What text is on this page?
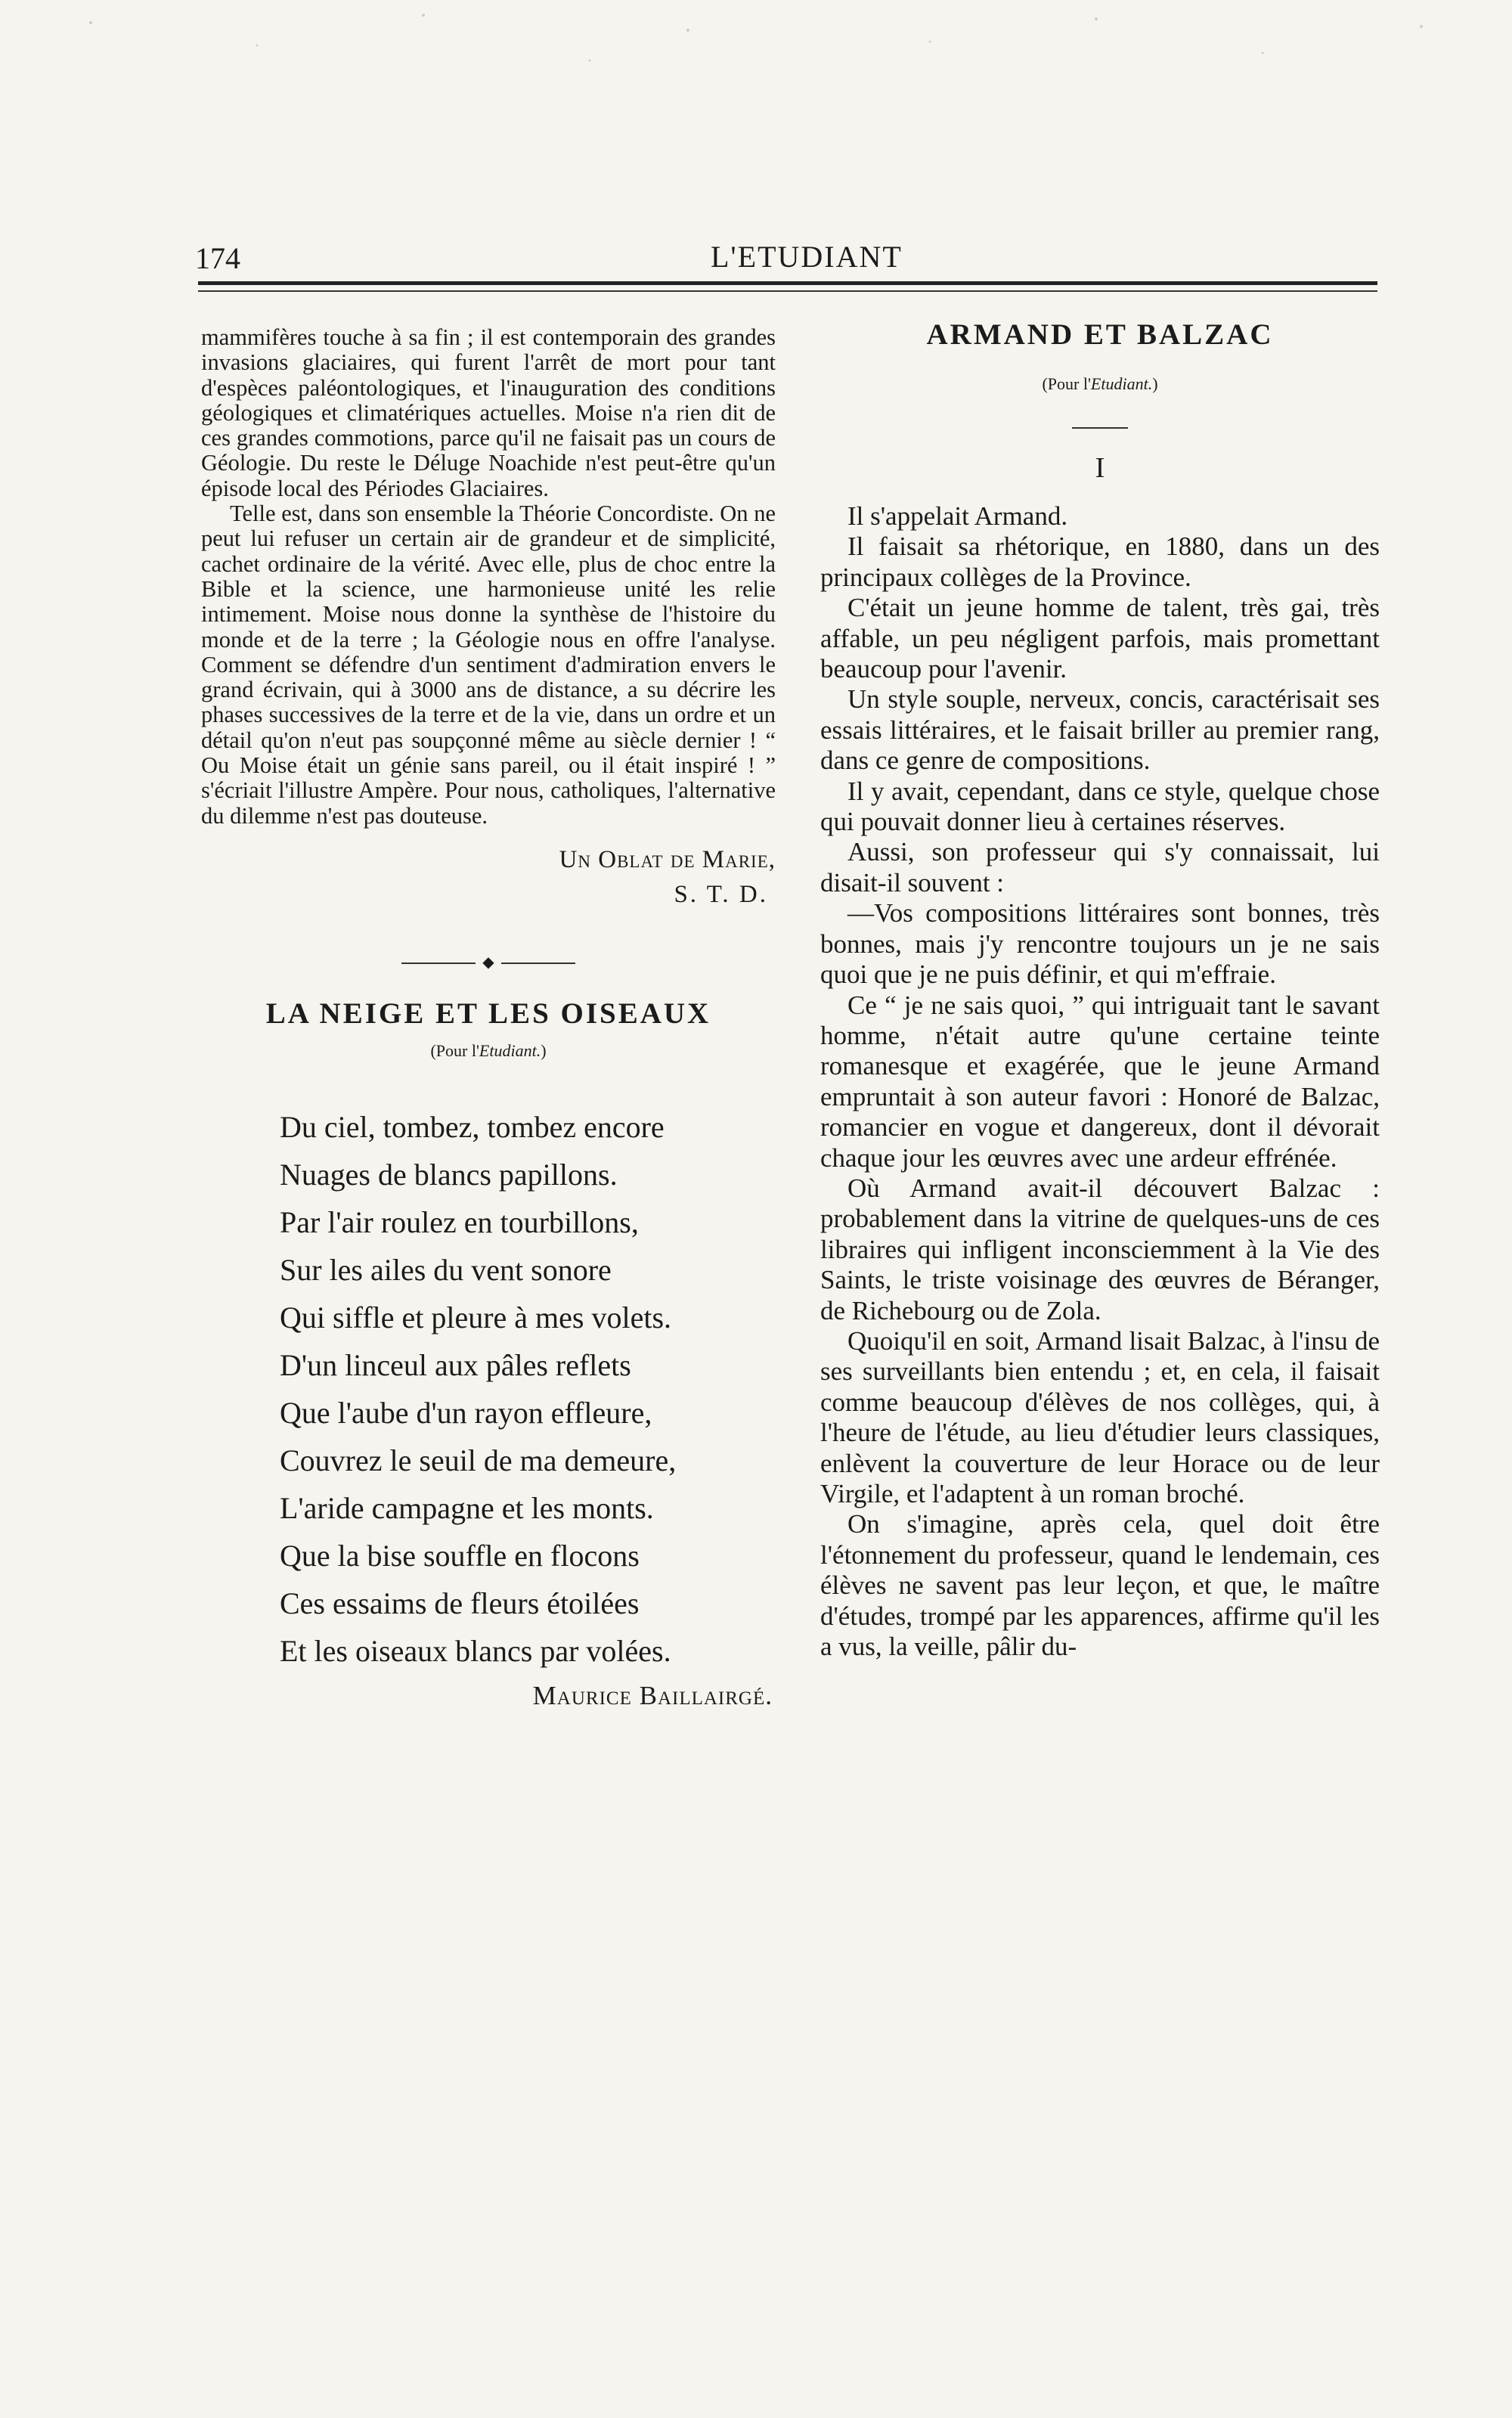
174	L'ETUDIANT

mammifères touche à sa fin ; il est contemporain des grandes invasions glaciaires, qui furent l'arrêt de mort pour tant d'espèces paléontologiques, et l'inauguration des conditions géologiques et climatériques actuelles. Moise n'a rien dit de ces grandes commotions, parce qu'il ne faisait pas un cours de Géologie. Du reste le Déluge Noachide n'est peut-être qu'un épisode local des Périodes Glaciaires.

Telle est, dans son ensemble la Théorie Concordiste. On ne peut lui refuser un certain air de grandeur et de simplicité, cachet ordinaire de la vérité. Avec elle, plus de choc entre la Bible et la science, une harmonieuse unité les relie intimement. Moise nous donne la synthèse de l'histoire du monde et de la terre ; la Géologie nous en offre l'analyse. Comment se défendre d'un sentiment d'admiration envers le grand écrivain, qui à 3000 ans de distance, a su décrire les phases successives de la terre et de la vie, dans un ordre et un détail qu'on n'eut pas soupçonné même au siècle dernier ! “ Ou Moise était un génie sans pareil, ou il était inspiré ! ” s'écriait l'illustre Ampère. Pour nous, catholiques, l'alternative du dilemme n'est pas douteuse.

Un Oblat de Marie,
S. T. D.
◆
LA NEIGE ET LES OISEAUX
(Pour l'Etudiant.)

Du ciel, tombez, tombez encore

Nuages de blancs papillons.

Par l'air roulez en tourbillons,

Sur les ailes du vent sonore

Qui siffle et pleure à mes volets.

D'un linceul aux pâles reflets

Que l'aube d'un rayon effleure,

Couvrez le seuil de ma demeure,

L'aride campagne et les monts.

Que la bise souffle en flocons

Ces essaims de fleurs étoilées

Et les oiseaux blancs par volées.

Maurice Baillairgé.
ARMAND ET BALZAC
(Pour l'Etudiant.)
I

Il s'appelait Armand.

Il faisait sa rhétorique, en 1880, dans un des principaux collèges de la Province.

C'était un jeune homme de talent, très gai, très affable, un peu négligent parfois, mais promettant beaucoup pour l'avenir.

Un style souple, nerveux, concis, caractérisait ses essais littéraires, et le faisait briller au premier rang, dans ce genre de compositions.

Il y avait, cependant, dans ce style, quelque chose qui pouvait donner lieu à certaines réserves.

Aussi, son professeur qui s'y connaissait, lui disait-il souvent :

—Vos compositions littéraires sont bonnes, très bonnes, mais j'y rencontre toujours un je ne sais quoi que je ne puis définir, et qui m'effraie.

Ce “ je ne sais quoi, ” qui intriguait tant le savant homme, n'était autre qu'une certaine teinte romanesque et exagérée, que le jeune Armand empruntait à son auteur favori : Honoré de Balzac, romancier en vogue et dangereux, dont il dévorait chaque jour les œuvres avec une ardeur effrénée.

Où Armand avait-il découvert Balzac : probablement dans la vitrine de quelques-uns de ces libraires qui infligent inconsciemment à la Vie des Saints, le triste voisinage des œuvres de Béranger, de Richebourg ou de Zola.

Quoiqu'il en soit, Armand lisait Balzac, à l'insu de ses surveillants bien entendu ; et, en cela, il faisait comme beaucoup d'élèves de nos collèges, qui, à l'heure de l'étude, au lieu d'étudier leurs classiques, enlèvent la couverture de leur Horace ou de leur Virgile, et l'adaptent à un roman broché.

On s'imagine, après cela, quel doit être l'étonnement du professeur, quand le lendemain, ces élèves ne savent pas leur leçon, et que, le maître d'études, trompé par les apparences, affirme qu'il les a vus, la veille, pâlir du-
